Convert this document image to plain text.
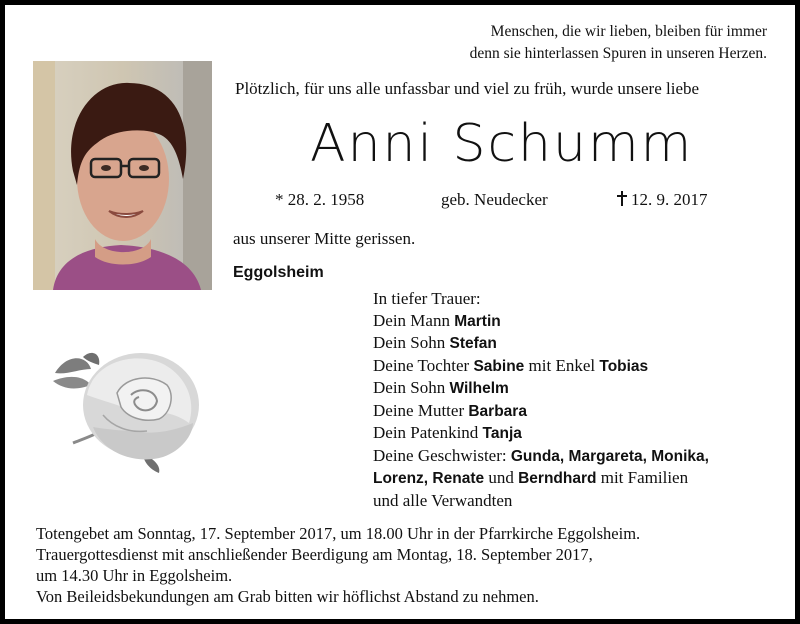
Menschen, die wir lieben, bleiben für immer
denn sie hinterlassen Spuren in unseren Herzen.
Plötzlich, für uns alle unfassbar und viel zu früh, wurde unsere liebe
Anni Schumm
* 28. 2. 1958	geb. Neudecker	12. 9. 2017
aus unserer Mitte gerissen.
Eggolsheim
In tiefer Trauer:
Dein Mann Martin
Dein Sohn Stefan
Deine Tochter Sabine mit Enkel Tobias
Dein Sohn Wilhelm
Deine Mutter Barbara
Dein Patenkind Tanja
Deine Geschwister: Gunda, Margareta, Monika,
Lorenz, Renate und Berndhard mit Familien
und alle Verwandten
Totengebet am Sonntag, 17. September 2017, um 18.00 Uhr in der Pfarrkirche Eggolsheim.
Trauergottesdienst mit anschließender Beerdigung am Montag, 18. September 2017,
um 14.30 Uhr in Eggolsheim.
Von Beileidsbekundungen am Grab bitten wir höflichst Abstand zu nehmen.
